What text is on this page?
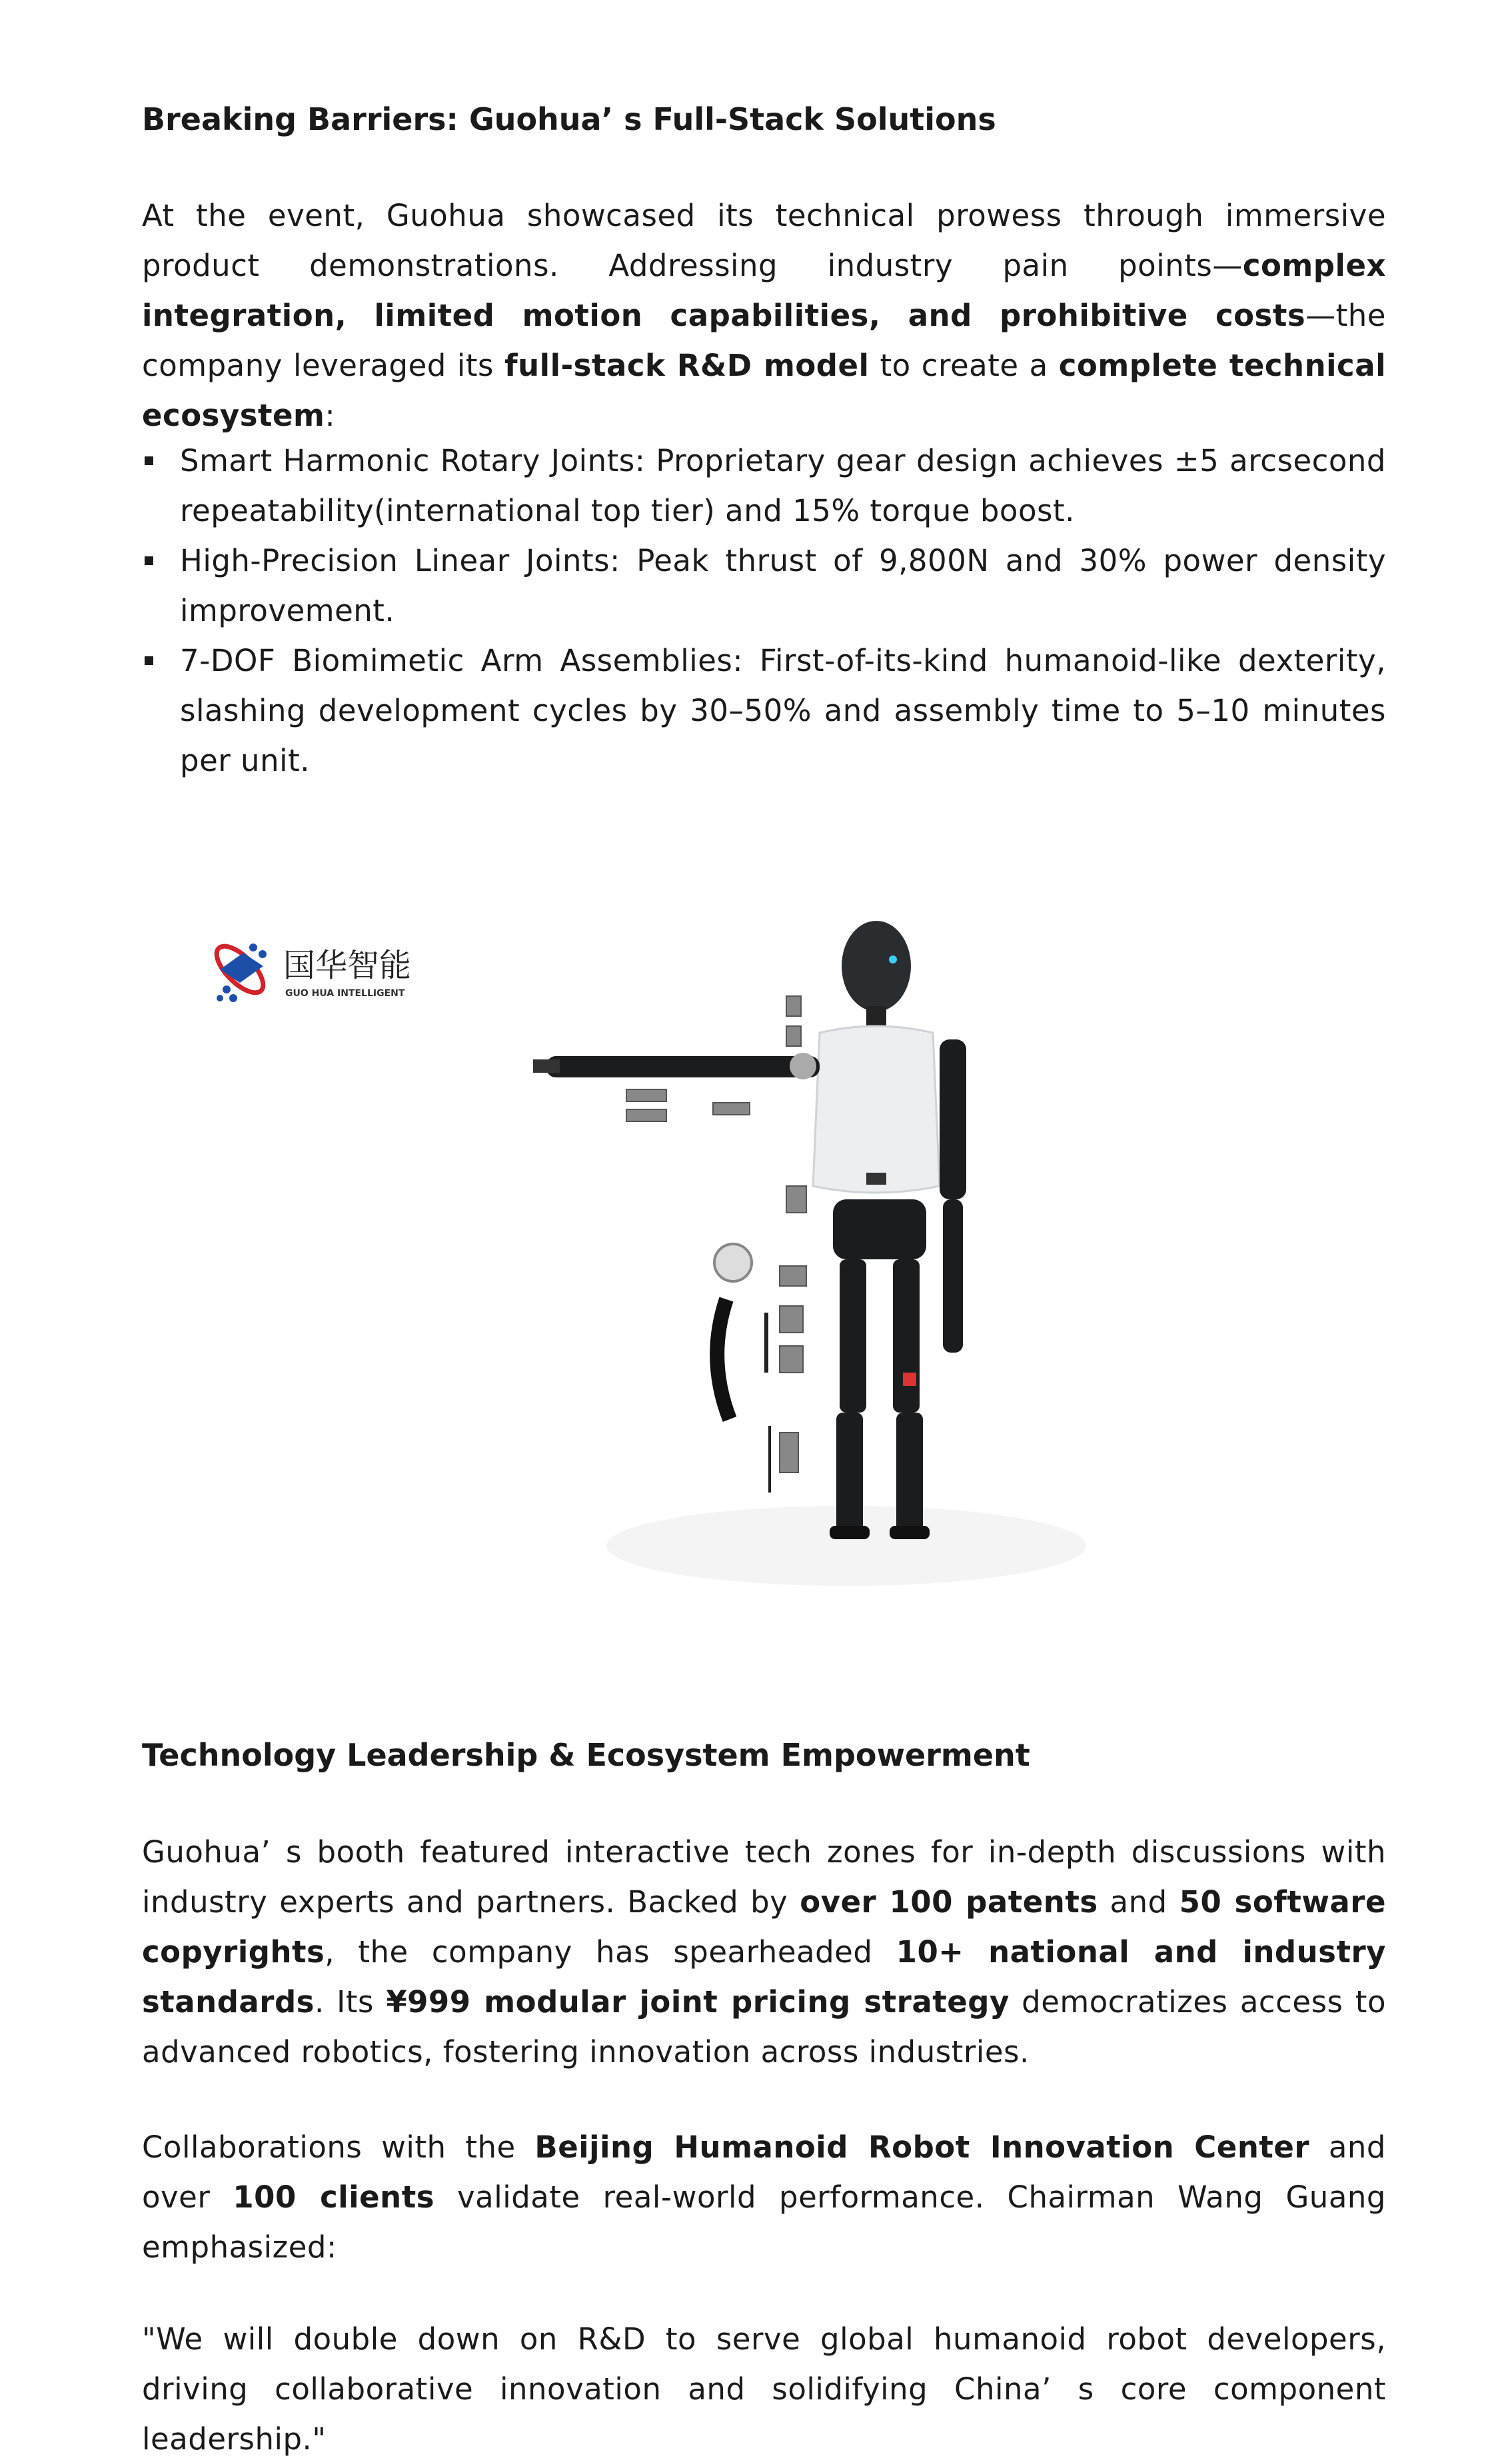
Breaking Barriers: Guohua’ s Full-Stack Solutions

At the event, Guohua showcased its technical prowess through immersive product demonstrations. Addressing industry pain points—complex integration, limited motion capabilities, and prohibitive costs—the company leveraged its full-stack R&D model to create a complete technical ecosystem:

Smart Harmonic Rotary Joints: Proprietary gear design achieves ±5 arcsecond repeatability(international top tier) and 15% torque boost.
High-Precision Linear Joints: Peak thrust of 9,800N and 30% power density improvement.
7-DOF Biomimetic Arm Assemblies: First-of-its-kind humanoid-like dexterity, slashing development cycles by 30–50% and assembly time to 5–10 minutes per unit.
国华智能
GUO HUA INTELLIGENT
Technology Leadership & Ecosystem Empowerment

Guohua’ s booth featured interactive tech zones for in-depth discussions with industry experts and partners. Backed by over 100 patents and 50 software copyrights, the company has spearheaded 10+ national and industry standards. Its ¥999 modular joint pricing strategy democratizes access to advanced robotics, fostering innovation across industries.

Collaborations with the Beijing Humanoid Robot Innovation Center and over 100 clients validate real-world performance. Chairman Wang Guang emphasized:

"We will double down on R&D to serve global humanoid robot developers, driving collaborative innovation and solidifying China’ s core component leadership."
